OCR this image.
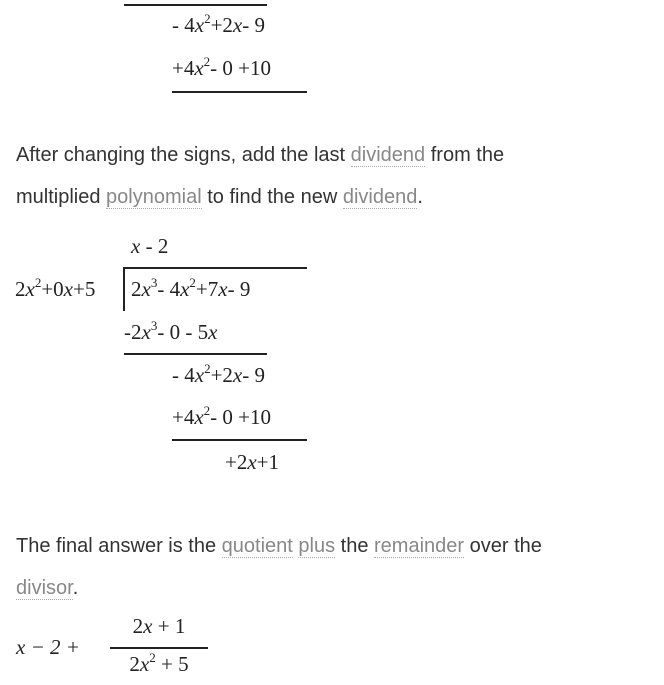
- $4x^2+2x-$ 9
$+4x^2-$ 0 +10
After changing the signs, add the last dividend from the
multiplied polynomial to find the new dividend.
x - 2
$2x^2+0x+5$ $2x^3-$ $4x^2+7x-$ 9
$-2x^3-$ 0 - 5x
- $4x^2+2x-$ 9
$+4x^2-$ 0 +10
+2x+1
The final answer is the quotient plus the remainder over the
divisor.
x − 2 +
2x + 1
$2x^2 + 5$
